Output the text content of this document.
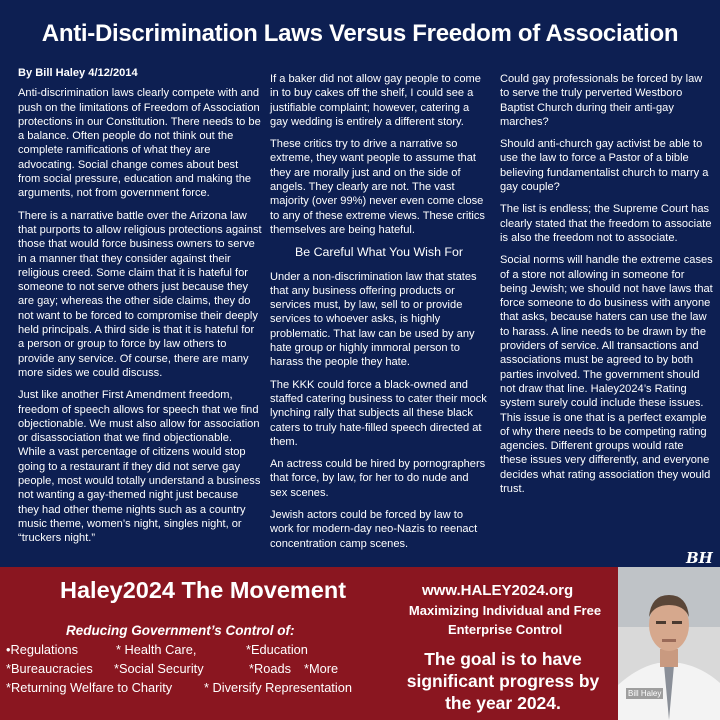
Anti-Discrimination Laws Versus Freedom of Association

By Bill Haley 4/12/2014

Anti-discrimination laws clearly compete with and push on the limitations of Freedom of Association protections in our Constitution. There needs to be a balance. Often people do not think out the complete ramifications of what they are advocating. Social change comes about best from social pressure, education and making the arguments, not from government force.

There is a narrative battle over the Arizona law that purports to allow religious protections against those that would force business owners to serve in a manner that they consider against their religious creed. Some claim that it is hateful for someone to not serve others just because they are gay; whereas the other side claims, they do not want to be forced to compromise their deeply held principals. A third side is that it is hateful for a person or group to force by law others to provide any service. Of course, there are many more sides we could discuss.

Just like another First Amendment freedom, freedom of speech allows for speech that we find objectionable. We must also allow for association or disassociation that we find objectionable. While a vast percentage of citizens would stop going to a restaurant if they did not serve gay people, most would totally understand a business not wanting a gay-themed night just because they had other theme nights such as a country music theme, women’s night, singles night, or “truckers night.”

If a baker did not allow gay people to come in to buy cakes off the shelf, I could see a justifiable complaint; however, catering a gay wedding is entirely a different story.

These critics try to drive a narrative so extreme, they want people to assume that they are morally just and on the side of angels. They clearly are not. The vast majority (over 99%) never even come close to any of these extreme views. These critics themselves are being hateful.

Be Careful What You Wish For

Under a non-discrimination law that states that any business offering products or services must, by law, sell to or provide services to whoever asks, is highly problematic. That law can be used by any hate group or highly immoral person to harass the people they hate.

The KKK could force a black-owned and staffed catering business to cater their mock lynching rally that subjects all these black caters to truly hate-filled speech directed at them.

An actress could be hired by pornographers that force, by law, for her to do nude and sex scenes.

Jewish actors could be forced by law to work for modern-day neo-Nazis to reenact concentration camp scenes.

Could gay professionals be forced by law to serve the truly perverted Westboro Baptist Church during their anti-gay marches?

Should anti-church gay activist be able to use the law to force a Pastor of a bible believing fundamentalist church to marry a gay couple?

The list is endless; the Supreme Court has clearly stated that the freedom to associate is also the freedom not to associate.

Social norms will handle the extreme cases of a store not allowing in someone for being Jewish; we should not have laws that force someone to do business with anyone that asks, because haters can use the law to harass. A line needs to be drawn by the providers of service. All transactions and associations must be agreed to by both parties involved. The government should not draw that line. Haley2024’s Rating system surely could include these issues. This issue is one that is a perfect example of why there needs to be competing rating agencies. Different groups would rate these issues very differently, and everyone decides what rating association they would trust.

Haley2024 The Movement
Reducing Government’s Control of:
•Regulations	* Health Care,	*Education
*Bureaucracies *Social Security	*Roads *More
*Returning Welfare to Charity * Diversify Representation
www.HALEY2024.org
Maximizing Individual and Free Enterprise Control
The goal is to have significant progress by the year 2024.
BH
Bill Haley
